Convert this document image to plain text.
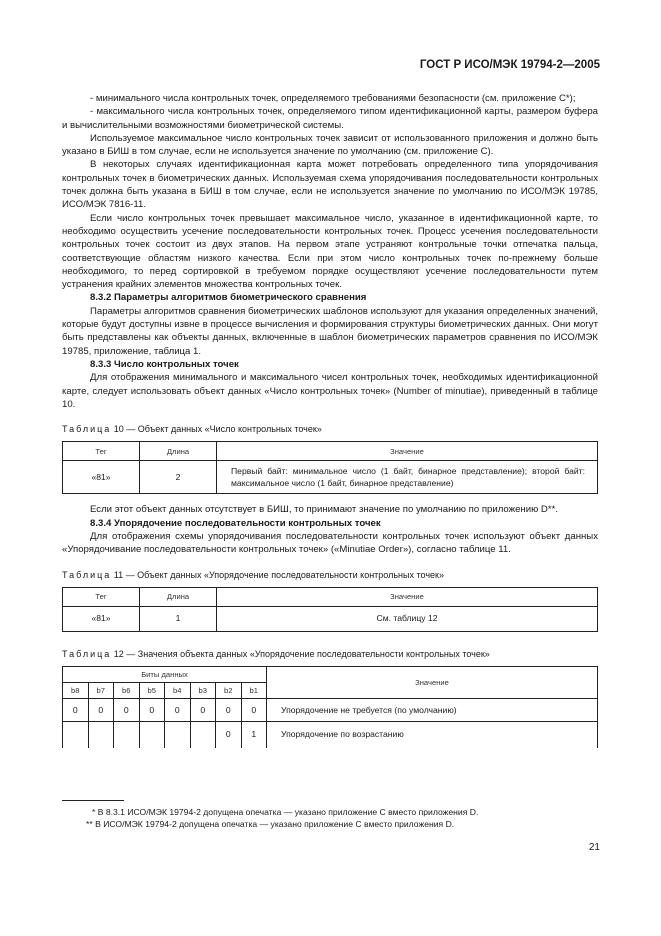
ГОСТ Р ИСО/МЭК 19794-2—2005

- минимального числа контрольных точек, определяемого требованиями безопасности (см. приложение С*);

- максимального числа контрольных точек, определяемого типом идентификационной карты, размером буфера и вычислительными возможностями биометрической системы.

Используемое максимальное число контрольных точек зависит от использованного приложения и должно быть указано в БИШ в том случае, если не используется значение по умолчанию (см. приложение С).

В некоторых случаях идентификационная карта может потребовать определенного типа упорядочивания контрольных точек в биометрических данных. Используемая схема упорядочивания последовательности контрольных точек должна быть указана в БИШ в том случае, если не используется значение по умолчанию по ИСО/МЭК 19785, ИСО/МЭК 7816-11.

Если число контрольных точек превышает максимальное число, указанное в идентификационной карте, то необходимо осуществить усечение последовательности контрольных точек. Процесс усечения последовательности контрольных точек состоит из двух этапов. На первом этапе устраняют контрольные точки отпечатка пальца, соответствующие областям низкого качества. Если при этом число контрольных точек по-прежнему больше необходимого, то перед сортировкой в требуемом порядке осуществляют усечение последовательности путем устранения крайних элементов множества контрольных точек.

8.3.2 Параметры алгоритмов биометрического сравнения

Параметры алгоритмов сравнения биометрических шаблонов используют для указания определенных значений, которые будут доступны извне в процессе вычисления и формирования структуры биометрических данных. Они могут быть представлены как объекты данных, включенные в шаблон биометрических параметров сравнения по ИСО/МЭК 19785, приложение, таблица 1.

8.3.3 Число контрольных точек

Для отображения минимального и максимального чисел контрольных точек, необходимых идентификационной карте, следует использовать объект данных «Число контрольных точек» (Number of minutiae), приведенный в таблице 10.

Таблица 10 — Объект данных «Число контрольных точек»

Тег	Длина	Значение
«81»	2	Первый байт: минимальное число (1 байт, бинарное представление); второй байт: максимальное число (1 байт, бинарное представление)

Если этот объект данных отсутствует в БИШ, то принимают значение по умолчанию по приложению D**.

8.3.4 Упорядочение последовательности контрольных точек

Для отображения схемы упорядочивания последовательности контрольных точек используют объект данных «Упорядочивание последовательности контрольных точек» («Minutiae Order»), согласно таблице 11.

Таблица 11 — Объект данных «Упорядочение последовательности контрольных точек»

Тег	Длина	Значение
«81»	1	См. таблицу 12

Таблица 12 — Значения объекта данных «Упорядочение последовательности контрольных точек»

Биты данных								Значение
b8	b7	b6	b5	b4	b3	b2	b1	
0	0	0	0	0	0	0	0	Упорядочение не требуется (по умолчанию)
						0	1	Упорядочение по возрастанию

* В 8.3.1 ИСО/МЭК 19794-2 допущена опечатка — указано приложение С вместо приложения D.

** В ИСО/МЭК 19794-2 допущена опечатка — указано приложение С вместо приложения D.

21
